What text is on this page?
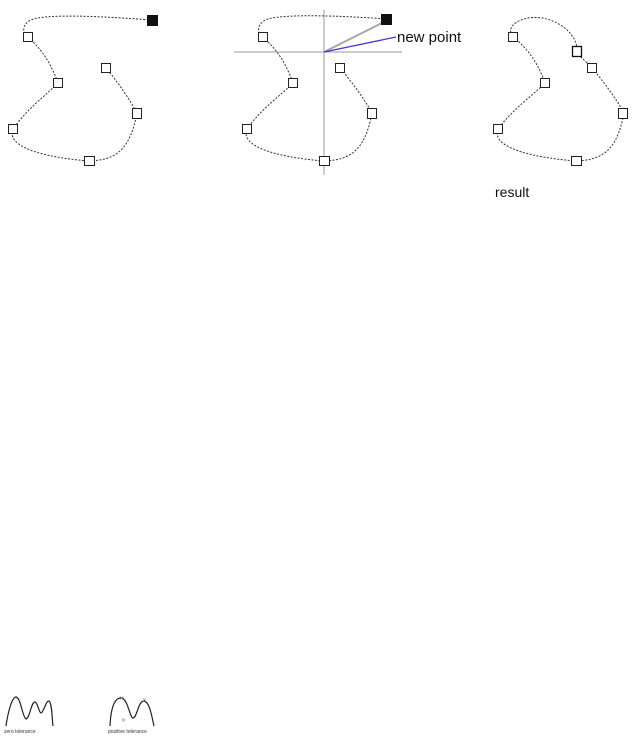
×
×
×
new point
result
zero tolerance	positive tolerance
